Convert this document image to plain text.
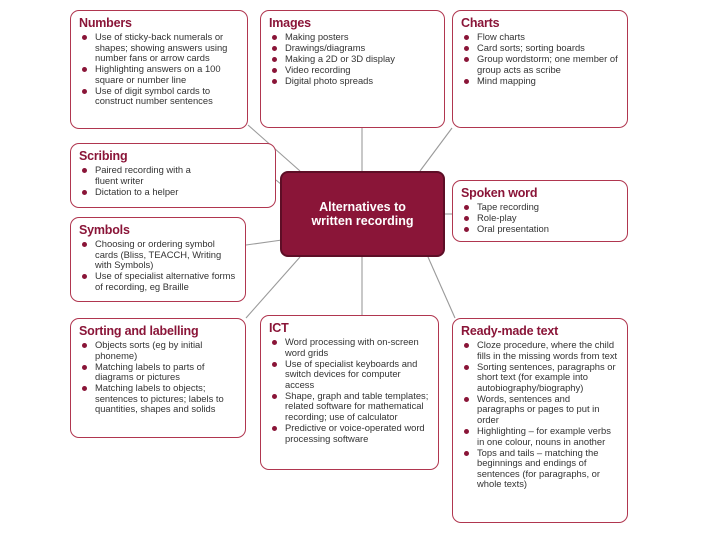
Numbers
Use of sticky-back numerals or shapes; showing answers using number fans or arrow cards
Highlighting answers on a 100 square or number line
Use of digit symbol cards to construct number sentences
Images
Making posters
Drawings/diagrams
Making a 2D or 3D display
Video recording
Digital photo spreads
Charts
Flow charts
Card sorts; sorting boards
Group wordstorm; one member of group acts as scribe
Mind mapping
Scribing
Paired recording with a fluent writer
Dictation to a helper
Alternatives to
written recording
Spoken word
Tape recording
Role-play
Oral presentation
Symbols
Choosing or ordering symbol cards (Bliss, TEACCH, Writing with Symbols)
Use of specialist alternative forms of recording, eg Braille
Sorting and labelling
Objects sorts (eg by initial phoneme)
Matching labels to parts of diagrams or pictures
Matching labels to objects; sentences to pictures; labels to quantities, shapes and solids
ICT
Word processing with on-screen word grids
Use of specialist keyboards and switch devices for computer access
Shape, graph and table templates; related software for mathematical recording; use of calculator
Predictive or voice-operated word processing software
Ready-made text
Cloze procedure, where the child fills in the missing words from text
Sorting sentences, paragraphs or short text (for example into autobiography/biography)
Words, sentences and paragraphs or pages to put in order
Highlighting – for example verbs in one colour, nouns in another
Tops and tails – matching the beginnings and endings of sentences (for paragraphs, or whole texts)
